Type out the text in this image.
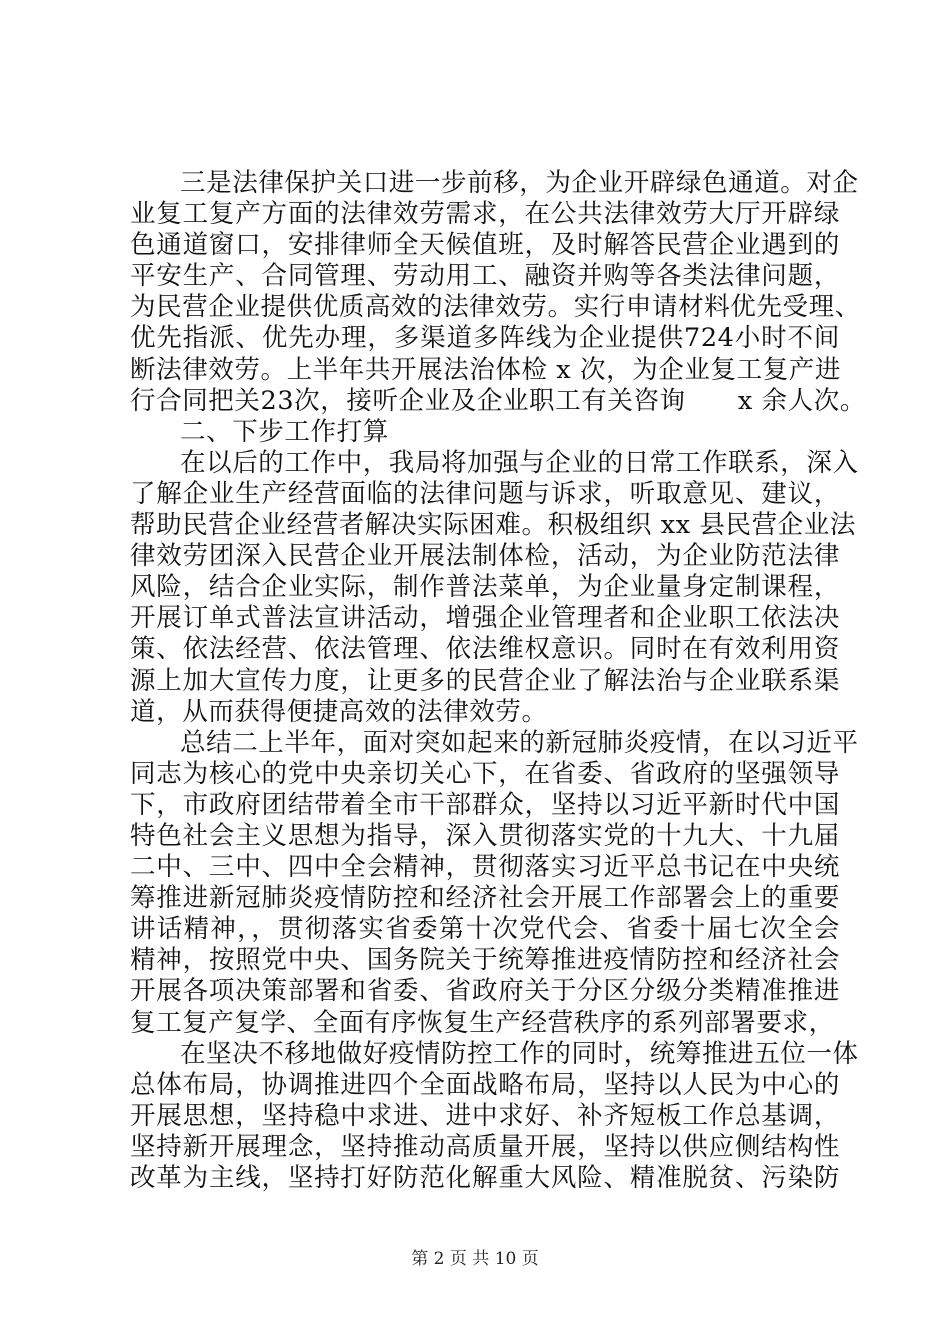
三是法律保护关口进一步前移，为企业开辟绿色通道。对企
业复工复产方面的法律效劳需求，在公共法律效劳大厅开辟绿
色通道窗口，安排律师全天候值班，及时解答民营企业遇到的
平安生产、合同管理、劳动用工、融资并购等各类法律问题，
为民营企业提供优质高效的法律效劳。实行申请材料优先受理、
优先指派、优先办理，多渠道多阵线为企业提供724小时不间
断法律效劳。上半年共开展法治体检 x 次，为企业复工复产进
行合同把关23次，接听企业及企业职工有关咨询　　x 余人次。
二、下步工作打算
在以后的工作中，我局将加强与企业的日常工作联系，深入
了解企业生产经营面临的法律问题与诉求，听取意见、建议，
帮助民营企业经营者解决实际困难。积极组织 xx 县民营企业法
律效劳团深入民营企业开展法制体检，活动，为企业防范法律
风险，结合企业实际，制作普法菜单，为企业量身定制课程，
开展订单式普法宣讲活动，增强企业管理者和企业职工依法决
策、依法经营、依法管理、依法维权意识。同时在有效利用资
源上加大宣传力度，让更多的民营企业了解法治与企业联系渠
道，从而获得便捷高效的法律效劳。
总结二上半年，面对突如起来的新冠肺炎疫情，在以习近平
同志为核心的党中央亲切关心下，在省委、省政府的坚强领导
下，市政府团结带着全市干部群众，坚持以习近平新时代中国
特色社会主义思想为指导，深入贯彻落实党的十九大、十九届
二中、三中、四中全会精神，贯彻落实习近平总书记在中央统
筹推进新冠肺炎疫情防控和经济社会开展工作部署会上的重要
讲话精神，，贯彻落实省委第十次党代会、省委十届七次全会
精神，按照党中央、国务院关于统筹推进疫情防控和经济社会
开展各项决策部署和省委、省政府关于分区分级分类精准推进
复工复产复学、全面有序恢复生产经营秩序的系列部署要求，
在坚决不移地做好疫情防控工作的同时，统筹推进五位一体
总体布局，协调推进四个全面战略布局，坚持以人民为中心的
开展思想，坚持稳中求进、进中求好、补齐短板工作总基调，
坚持新开展理念，坚持推动高质量开展，坚持以供应侧结构性
改革为主线，坚持打好防范化解重大风险、精准脱贫、污染防
第 2 页 共 10 页
